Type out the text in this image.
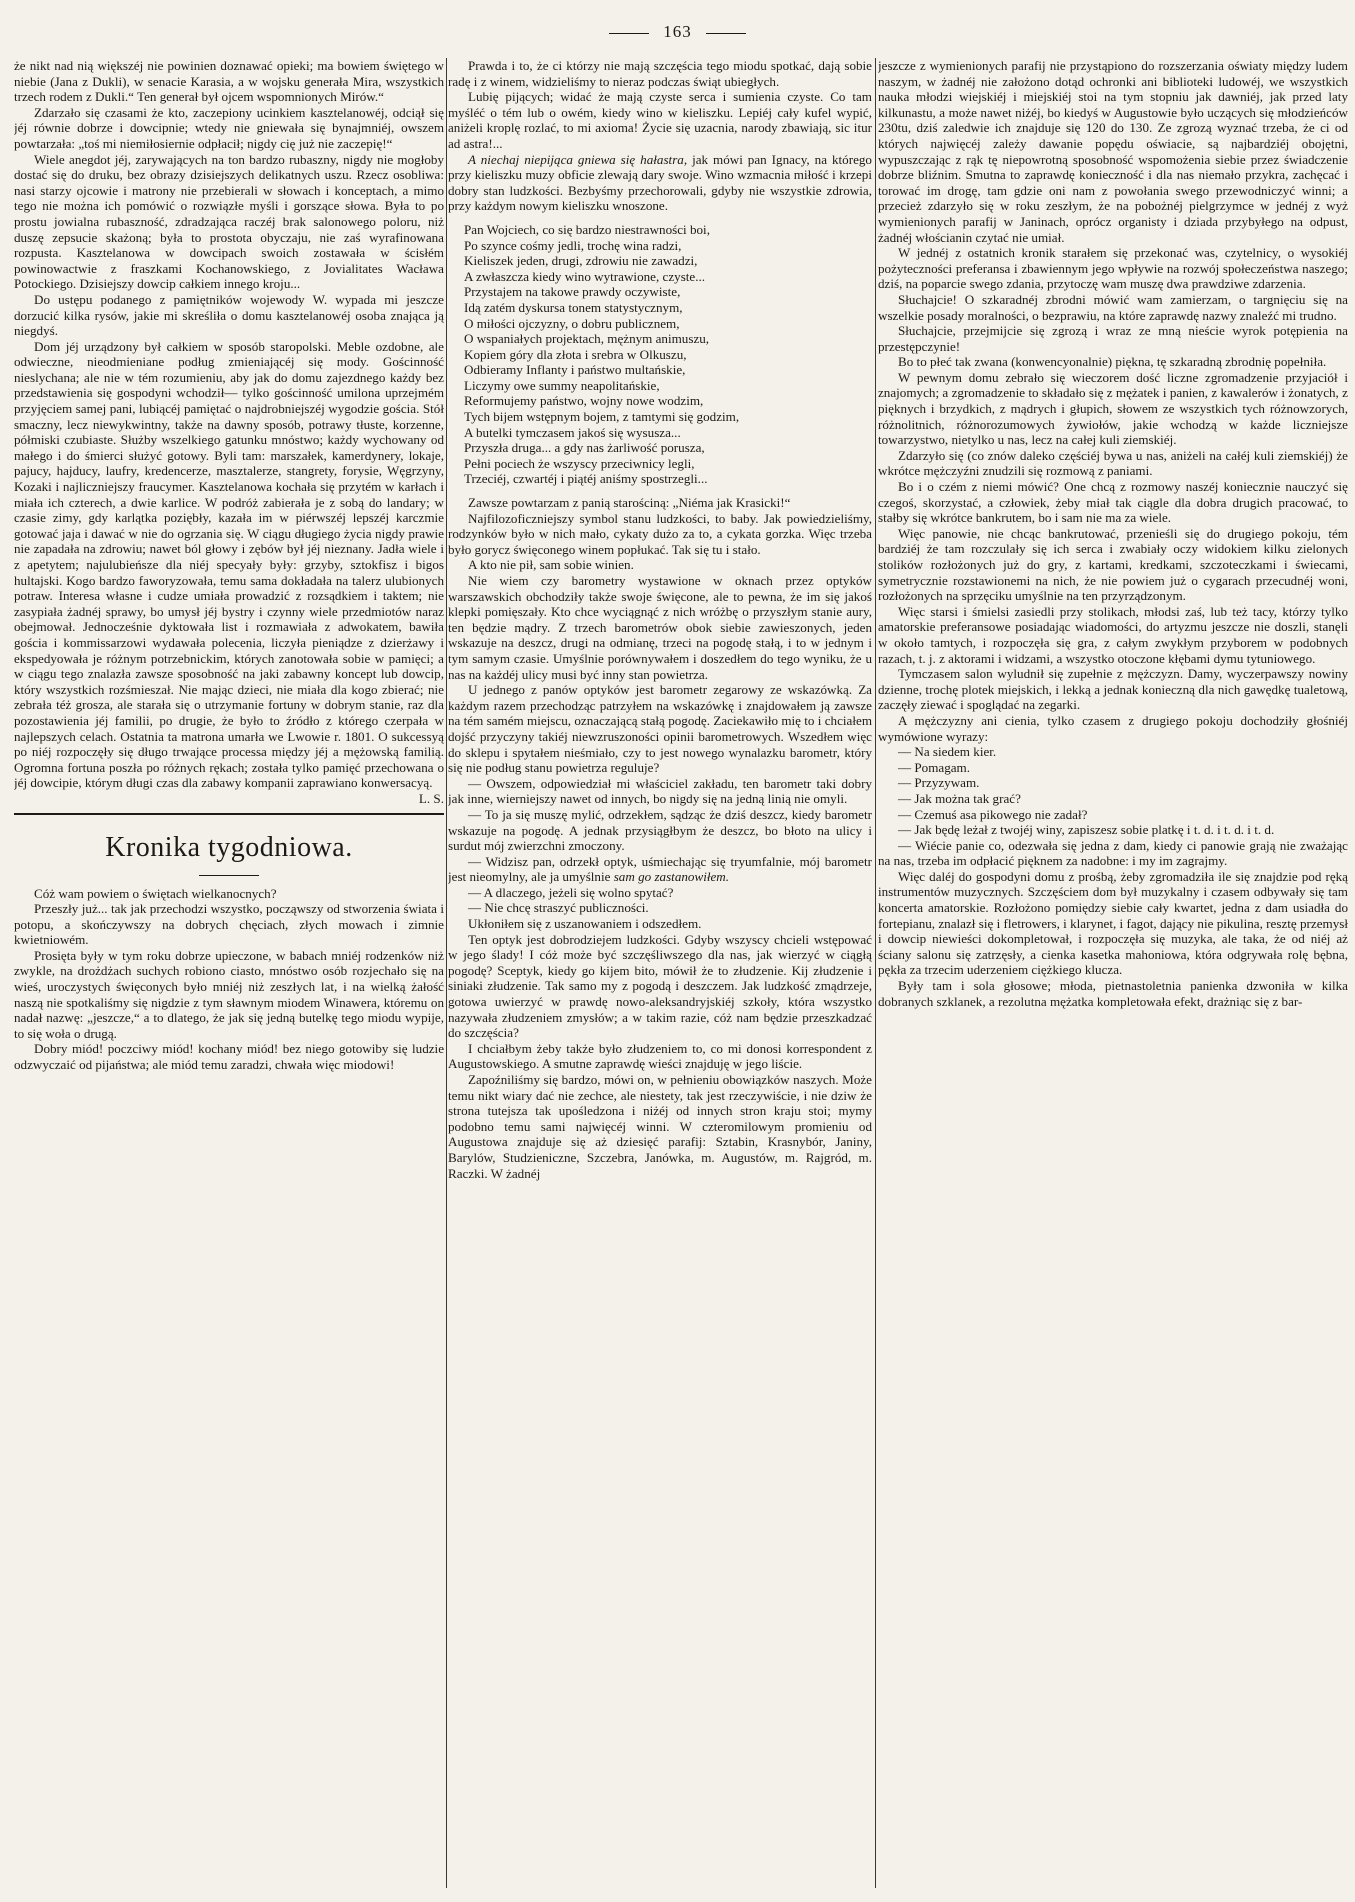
163

że nikt nad nią większéj nie powinien doznawać opieki; ma bowiem świętego w niebie (Jana z Dukli), w senacie Karasia, a w wojsku generała Mira, wszystkich trzech rodem z Dukli.“ Ten generał był ojcem wspomnionych Mirów.“

Zdarzało się czasami że kto, zaczepiony ucinkiem kasztelanowéj, odciął się jéj równie dobrze i dowcipnie; wtedy nie gniewała się bynajmniéj, owszem powtarzała: „toś mi niemiłosiernie odpłacił; nigdy cię już nie zaczepię!“

Wiele anegdot jéj, zarywających na ton bardzo rubaszny, nigdy nie mogłoby dostać się do druku, bez obrazy dzisiejszych delikatnych uszu. Rzecz osobliwa: nasi starzy ojcowie i matrony nie przebierali w słowach i konceptach, a mimo tego nie można ich pomówić o rozwiązłe myśli i gorszące słowa. Była to po prostu jowialna rubaszność, zdradzająca raczéj brak salonowego poloru, niż duszę zepsucie skażoną; była to prostota obyczaju, nie zaś wyrafinowana rozpusta. Kasztelanowa w dowcipach swoich zostawała w ścisłém powinowactwie z fraszkami Kochanowskiego, z Jovialitates Wacława Potockiego. Dzisiejszy dowcip całkiem innego kroju...

Do ustępu podanego z pamiętników wojewody W. wypada mi jeszcze dorzucić kilka rysów, jakie mi skreśliła o domu kasztelanowéj osoba znająca ją niegdyś.

Dom jéj urządzony był całkiem w sposób staropolski. Meble ozdobne, ale odwieczne, nieodmieniane podług zmieniającéj się mody. Gościnność nieslychana; ale nie w tém rozumieniu, aby jak do domu zajezdnego każdy bez przedstawienia się gospodyni wchodził— tylko gościnność umilona uprzejmém przyjęciem samej pani, lubiącéj pamiętać o najdrobniejszéj wygodzie gościa. Stół smaczny, lecz niewykwintny, także na dawny sposób, potrawy tłuste, korzenne, półmiski czubiaste. Służby wszelkiego gatunku mnóstwo; każdy wychowany od małego i do śmierci służyć gotowy. Byli tam: marszałek, kamerdynery, lokaje, pajucy, hajducy, laufry, kredencerze, masztalerze, stangrety, forysie, Węgrzyny, Kozaki i najliczniejszy fraucymer. Kasztelanowa kochała się przytém w karłach i miała ich czterech, a dwie karlice. W podróż zabierała je z sobą do landary; w czasie zimy, gdy karlątka poziębły, kazała im w piérwszéj lepszéj karczmie gotować jaja i dawać w nie do ogrzania się. W ciągu długiego życia nigdy prawie nie zapadała na zdrowiu; nawet ból głowy i zębów był jéj nieznany. Jadła wiele i z apetytem; najulubieńsze dla niéj specyały były: grzyby, sztokfisz i bigos hultajski. Kogo bardzo faworyzowała, temu sama dokładała na talerz ulubionych potraw. Interesa własne i cudze umiała prowadzić z rozsądkiem i taktem; nie zasypiała żadnéj sprawy, bo umysł jéj bystry i czynny wiele przedmiotów naraz obejmował. Jednocześnie dyktowała list i rozmawiała z adwokatem, bawiła gościa i kommissarzowi wydawała polecenia, liczyła pieniądze z dzierżawy i ekspedyowała je różnym potrzebnickim, których zanotowała sobie w pamięci; a w ciągu tego znalazła zawsze sposobność na jaki zabawny koncept lub dowcip, który wszystkich rozśmieszał. Nie mając dzieci, nie miała dla kogo zbierać; nie zebrała téż grosza, ale starała się o utrzymanie fortuny w dobrym stanie, raz dla pozostawienia jéj familii, po drugie, że było to źródło z którego czerpała w najlepszych celach. Ostatnia ta matrona umarła we Lwowie r. 1801. O sukcessyą po niéj rozpoczęły się długo trwające processa między jéj a mężowską familią. Ogromna fortuna poszła po różnych rękach; została tylko pamięć przechowana o jéj dowcipie, którym długi czas dla zabawy kompanii zaprawiano konwersacyą.

L. S.
Kronika tygodniowa.

Cóż wam powiem o świętach wielkanocnych?

Przeszły już... tak jak przechodzi wszystko, począwszy od stworzenia świata i potopu, a skończywszy na dobrych chęciach, złych mowach i zimnie kwietniowém.

Prosięta były w tym roku dobrze upieczone, w babach mniéj rodzenków niż zwykle, na drożdżach suchych robiono ciasto, mnóstwo osób rozjechało się na wieś, uroczystych święconych było mniéj niż zeszłych lat, i na wielką żałość naszą nie spotkaliśmy się nigdzie z tym sławnym miodem Winawera, któremu on nadał nazwę: „jeszcze,“ a to dlatego, że jak się jedną butelkę tego miodu wypije, to się woła o drugą.

Dobry miód! poczciwy miód! kochany miód! bez niego gotowiby się ludzie odzwyczaić od pijaństwa; ale miód temu zaradzi, chwała więc miodowi!

Prawda i to, że ci którzy nie mają szczęścia tego miodu spotkać, dają sobie radę i z winem, widzieliśmy to nieraz podczas świąt ubiegłych.

Lubię pijących; widać że mają czyste serca i sumienia czyste. Co tam myśléć o tém lub o owém, kiedy wino w kieliszku. Lepiéj cały kufel wypić, aniżeli kroplę rozlać, to mi axioma! Życie się uzacnia, narody zbawiają, sic itur ad astra!...

A niechaj niepijąca gniewa się hałastra, jak mówi pan Ignacy, na którego przy kieliszku muzy obficie zlewają dary swoje. Wino wzmacnia miłość i krzepi dobry stan ludzkości. Bezbyśmy przechorowali, gdyby nie wszystkie zdrowia, przy każdym nowym kieliszku wnoszone.

Pan Wojciech, co się bardzo niestrawności boi,

Po szynce cośmy jedli, trochę wina radzi,

Kieliszek jeden, drugi, zdrowiu nie zawadzi,

A zwłaszcza kiedy wino wytrawione, czyste...

Przystajem na takowe prawdy oczywiste,

Idą zatém dyskursa tonem statystycznym,

O miłości ojczyzny, o dobru publicznem,

O wspaniałych projektach, mężnym animuszu,

Kopiem góry dla złota i srebra w Olkuszu,

Odbieramy Inflanty i państwo multańskie,

Liczymy owe summy neapolitańskie,

Reformujemy państwo, wojny nowe wodzim,

Tych bijem wstępnym bojem, z tamtymi się godzim,

A butelki tymczasem jakoś się wysusza...

Przyszła druga... a gdy nas żarliwość porusza,

Pełni pociech że wszyscy przeciwnicy legli,

Trzeciéj, czwartéj i piątéj aniśmy spostrzegli...

Zawsze powtarzam z panią starościną: „Niéma jak Krasicki!“

Najfilozoficzniejszy symbol stanu ludzkości, to baby. Jak powiedzieliśmy, rodzynków było w nich mało, cykaty dużo za to, a cykata gorzka. Więc trzeba było gorycz święconego winem popłukać. Tak się tu i stało.

A kto nie pił, sam sobie winien.

Nie wiem czy barometry wystawione w oknach przez optyków warszawskich obchodziły także swoje święcone, ale to pewna, że im się jakoś klepki pomięszały. Kto chce wyciągnąć z nich wróżbę o przyszłym stanie aury, ten będzie mądry. Z trzech barometrów obok siebie zawieszonych, jeden wskazuje na deszcz, drugi na odmianę, trzeci na pogodę stałą, i to w jednym i tym samym czasie. Umyślnie porównywałem i doszedłem do tego wyniku, że u nas na każdéj ulicy musi być inny stan powietrza.

U jednego z panów optyków jest barometr zegarowy ze wskazówką. Za każdym razem przechodząc patrzyłem na wskazówkę i znajdowałem ją zawsze na tém samém miejscu, oznaczającą stałą pogodę. Zaciekawiło mię to i chciałem dojść przyczyny takiéj niewzruszoności opinii barometrowych. Wszedłem więc do sklepu i spytałem nieśmiało, czy to jest nowego wynalazku barometr, który się nie podług stanu powietrza reguluje?

— Owszem, odpowiedział mi właściciel zakładu, ten barometr taki dobry jak inne, wierniejszy nawet od innych, bo nigdy się na jedną linią nie omyli.

— To ja się muszę mylić, odrzekłem, sądząc że dziś deszcz, kiedy barometr wskazuje na pogodę. A jednak przysiągłbym że deszcz, bo błoto na ulicy i surdut mój zwierzchni zmoczony.

— Widzisz pan, odrzekł optyk, uśmiechając się tryumfalnie, mój barometr jest nieomylny, ale ja umyślnie sam go zastanowiłem.

— A dlaczego, jeżeli się wolno spytać?

— Nie chcę straszyć publiczności.

Ukłoniłem się z uszanowaniem i odszedłem.

Ten optyk jest dobrodziejem ludzkości. Gdyby wszyscy chcieli wstępować w jego ślady! I cóż może być szczęśliwszego dla nas, jak wierzyć w ciągłą pogodę? Sceptyk, kiedy go kijem bito, mówił że to złudzenie. Kij złudzenie i siniaki złudzenie. Tak samo my z pogodą i deszczem. Jak ludzkość zmądrzeje, gotowa uwierzyć w prawdę nowo-aleksandryjskiéj szkoły, która wszystko nazywała złudzeniem zmysłów; a w takim razie, cóż nam będzie przeszkadzać do szczęścia?

I chciałbym żeby także było złudzeniem to, co mi donosi korrespondent z Augustowskiego. A smutne zaprawdę wieści znajduję w jego liście.

Zapoźniliśmy się bardzo, mówi on, w pełnieniu obowiązków naszych. Może temu nikt wiary dać nie zechce, ale niestety, tak jest rzeczywiście, i nie dziw że strona tutejsza tak upośledzona i niżéj od innych stron kraju stoi; mymy podobno temu sami najwięcéj winni. W czteromilowym promieniu od Augustowa znajduje się aż dziesięć parafij: Sztabin, Krasnybór, Janiny, Barylów, Studzieniczne, Szczebra, Janówka, m. Augustów, m. Rajgród, m. Raczki. W żadnéj

jeszcze z wymienionych parafij nie przystąpiono do rozszerzania oświaty między ludem naszym, w żadnéj nie założono dotąd ochronki ani biblioteki ludowéj, we wszystkich nauka młodzi wiejskiéj i miejskiéj stoi na tym stopniu jak dawniéj, jak przed laty kilkunastu, a może nawet niżéj, bo kiedyś w Augustowie było uczących się młodzieńców 230tu, dziś zaledwie ich znajduje się 120 do 130. Ze zgrozą wyznać trzeba, że ci od których najwięcéj zależy dawanie popędu oświacie, są najbardziéj obojętni, wypuszczając z rąk tę niepowrotną sposobność wspomożenia siebie przez świadczenie dobrze bliźnim. Smutna to zaprawdę konieczność i dla nas niemało przykra, zachęcać i torować im drogę, tam gdzie oni nam z powołania swego przewodniczyć winni; a przecież zdarzyło się w roku zeszłym, że na pobożnéj pielgrzymce w jednéj z wyż wymienionych parafij w Janinach, oprócz organisty i dziada przybyłego na odpust, żadnéj włościanin czytać nie umiał.

W jednéj z ostatnich kronik starałem się przekonać was, czytelnicy, o wysokiéj pożyteczności preferansa i zbawiennym jego wpływie na rozwój społeczeństwa naszego; dziś, na poparcie swego zdania, przytoczę wam muszę dwa prawdziwe zdarzenia.

Słuchajcie! O szkaradnéj zbrodni mówić wam zamierzam, o targnięciu się na wszelkie posady moralności, o bezprawiu, na które zaprawdę nazwy znaleźć mi trudno.

Słuchajcie, przejmijcie się zgrozą i wraz ze mną nieście wyrok potępienia na przestępczynie!

Bo to płeć tak zwana (konwencyonalnie) piękna, tę szkaradną zbrodnię popełniła.

W pewnym domu zebrało się wieczorem dość liczne zgromadzenie przyjaciół i znajomych; a zgromadzenie to składało się z mężatek i panien, z kawalerów i żonatych, z pięknych i brzydkich, z mądrych i głupich, słowem ze wszystkich tych różnowzorych, różnolitnich, różnorozumowych żywiołów, jakie wchodzą w każde liczniejsze towarzystwo, nietylko u nas, lecz na całej kuli ziemskiéj.

Zdarzyło się (co znów daleko częściéj bywa u nas, aniżeli na całéj kuli ziemskiéj) że wkrótce mężczyźni znudzili się rozmową z paniami.

Bo i o czém z niemi mówić? One chcą z rozmowy naszéj koniecznie nauczyć się czegoś, skorzystać, a człowiek, żeby miał tak ciągle dla dobra drugich pracować, to stałby się wkrótce bankrutem, bo i sam nie ma za wiele.

Więc panowie, nie chcąc bankrutować, przenieśli się do drugiego pokoju, tém bardziéj że tam rozczulały się ich serca i zwabiały oczy widokiem kilku zielonych stolików rozłożonych już do gry, z kartami, kredkami, szczoteczkami i świecami, symetrycznie rozstawionemi na nich, że nie powiem już o cygarach przecudnéj woni, rozłożonych na sprzęciku umyślnie na ten przyrządzonym.

Więc starsi i śmielsi zasiedli przy stolikach, młodsi zaś, lub też tacy, którzy tylko amatorskie preferansowe posiadając wiadomości, do artyzmu jeszcze nie doszli, stanęli w około tamtych, i rozpoczęła się gra, z całym zwykłym przyborem w podobnych razach, t. j. z aktorami i widzami, a wszystko otoczone kłębami dymu tytuniowego.

Tymczasem salon wyludnił się zupełnie z mężczyzn. Damy, wyczerpawszy nowiny dzienne, trochę plotek miejskich, i lekką a jednak konieczną dla nich gawędkę tualetową, zaczęły ziewać i spoglądać na zegarki.

A mężczyzny ani cienia, tylko czasem z drugiego pokoju dochodziły głośniéj wymówione wyrazy:

— Na siedem kier.

— Pomagam.

— Przyzywam.

— Jak można tak grać?

— Czemuś asa pikowego nie zadał?

— Jak będę leżał z twojéj winy, zapiszesz sobie platkę i t. d. i t. d. i t. d.

— Wiécie panie co, odezwała się jedna z dam, kiedy ci panowie grają nie zważając na nas, trzeba im odpłacić pięknem za nadobne: i my im zagrajmy.

Więc daléj do gospodyni domu z prośbą, żeby zgromadziła ile się znajdzie pod ręką instrumentów muzycznych. Szczęściem dom był muzykalny i czasem odbywały się tam koncerta amatorskie. Rozłożono pomiędzy siebie cały kwartet, jedna z dam usiadła do fortepianu, znalazł się i fletrowers, i klarynet, i fagot, dający nie pikulina, resztę przemysł i dowcip niewieści dokompletował, i rozpoczęła się muzyka, ale taka, że od niéj aż ściany salonu się zatrzęsły, a cienka kasetka mahoniowa, która odgrywała rolę bębna, pękła za trzecim uderzeniem ciężkiego klucza.

Były tam i sola głosowe; młoda, pietnastoletnia panienka dzwoniła w kilka dobranych szklanek, a rezolutna mężatka kompletowała efekt, drażniąc się z bar-
